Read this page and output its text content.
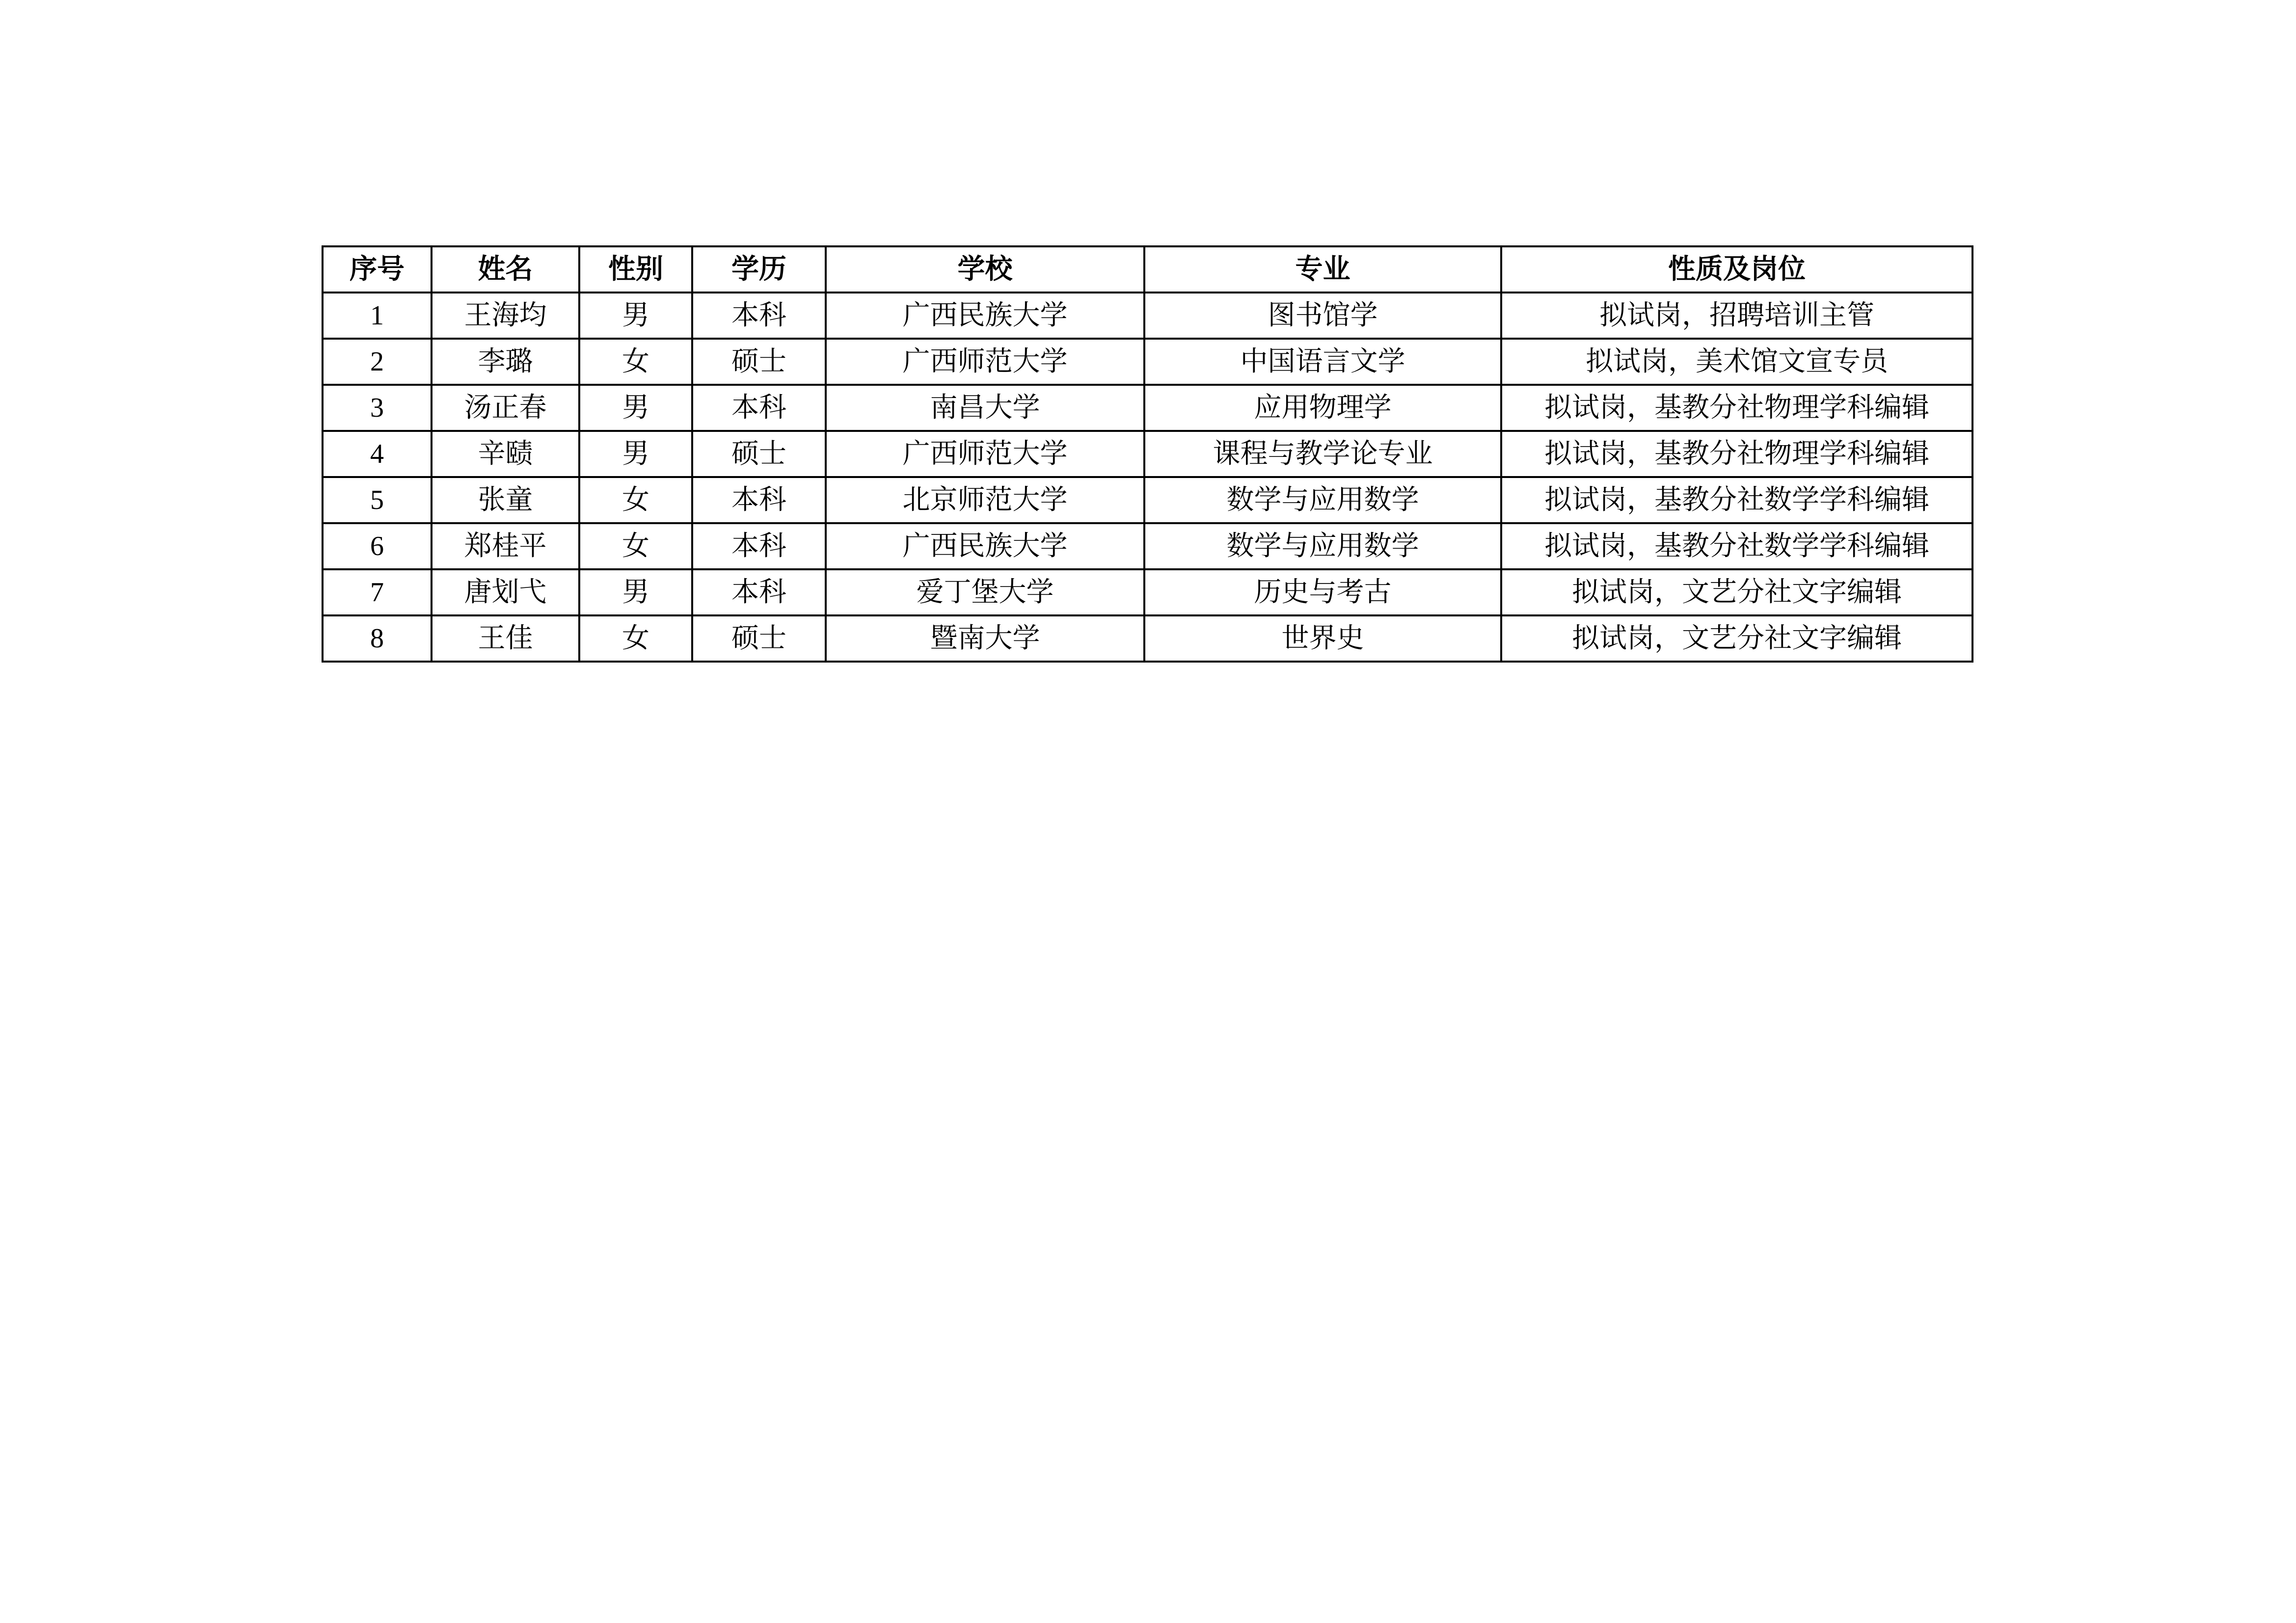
序号	姓名	性别	学历	学校	专业	性质及岗位
1	王海均	男	本科	广西民族大学	图书馆学	拟试岗，招聘培训主管
2	李璐	女	硕士	广西师范大学	中国语言文学	拟试岗，美术馆文宣专员
3	汤正春	男	本科	南昌大学	应用物理学	拟试岗，基教分社物理学科编辑
4	辛赜	男	硕士	广西师范大学	课程与教学论专业	拟试岗，基教分社物理学科编辑
5	张童	女	本科	北京师范大学	数学与应用数学	拟试岗，基教分社数学学科编辑
6	郑桂平	女	本科	广西民族大学	数学与应用数学	拟试岗，基教分社数学学科编辑
7	唐划弋	男	本科	爱丁堡大学	历史与考古	拟试岗，文艺分社文字编辑
8	王佳	女	硕士	暨南大学	世界史	拟试岗，文艺分社文字编辑
